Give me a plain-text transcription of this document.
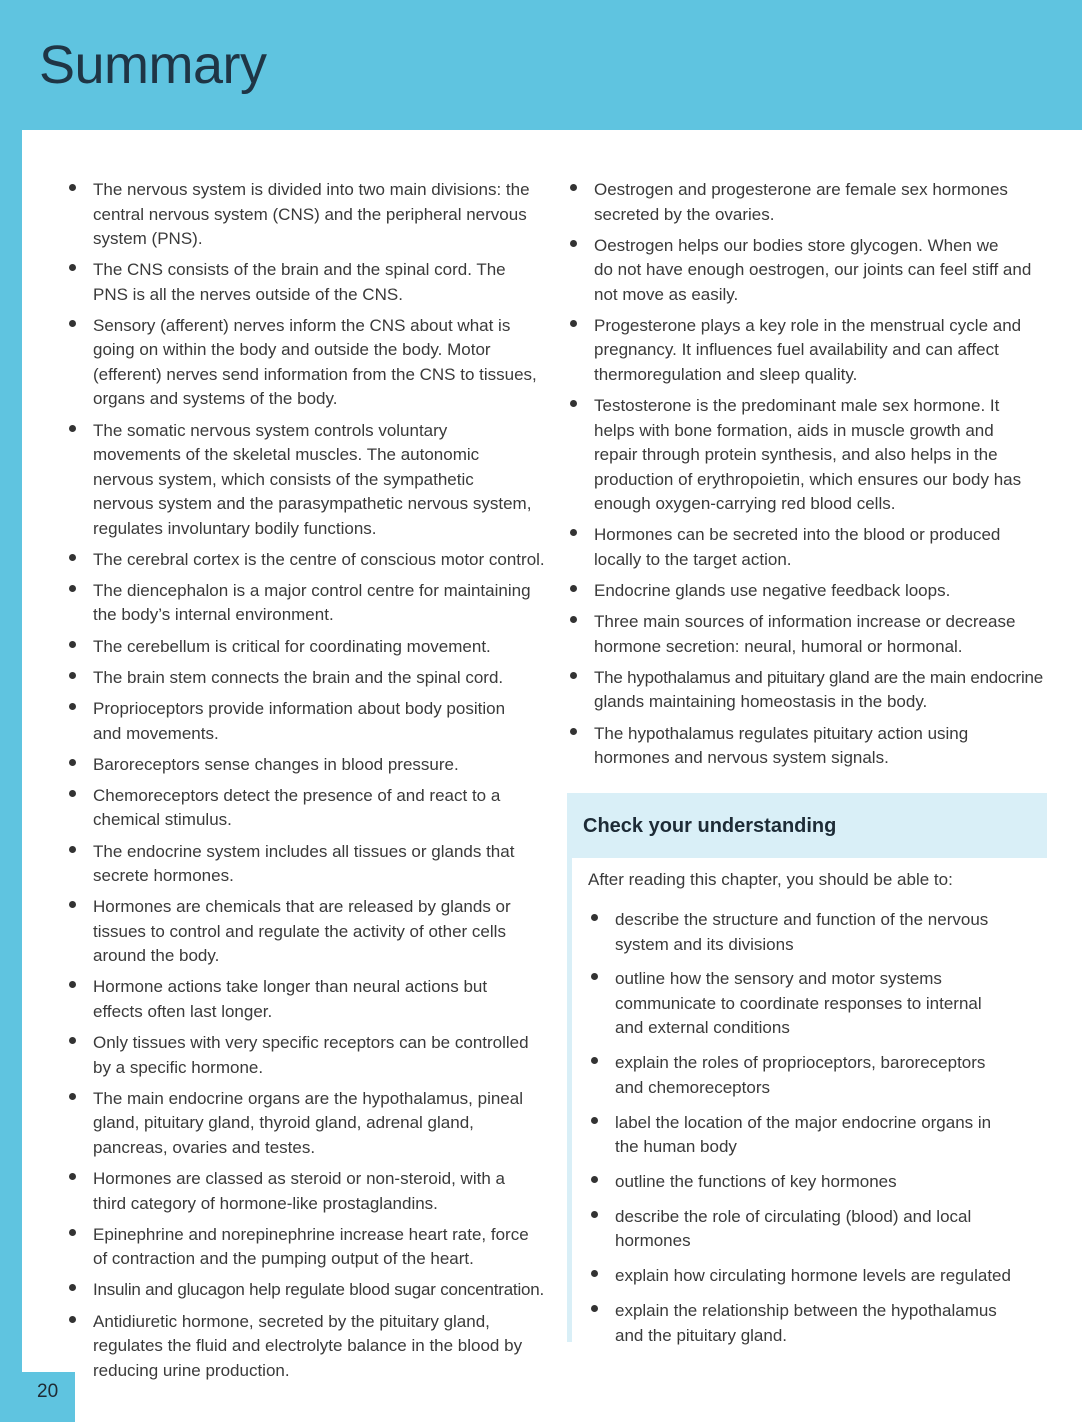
Summary
The nervous system is divided into two main divisions: the
central nervous system (CNS) and the peripheral nervous
system (PNS).
The CNS consists of the brain and the spinal cord. The
PNS is all the nerves outside of the CNS.
Sensory (afferent) nerves inform the CNS about what is
going on within the body and outside the body. Motor
(efferent) nerves send information from the CNS to tissues,
organs and systems of the body.
The somatic nervous system controls voluntary
movements of the skeletal muscles. The autonomic
nervous system, which consists of the sympathetic
nervous system and the parasympathetic nervous system,
regulates involuntary bodily functions.
The cerebral cortex is the centre of conscious motor control.
The diencephalon is a major control centre for maintaining
the body’s internal environment.
The cerebellum is critical for coordinating movement.
The brain stem connects the brain and the spinal cord.
Proprioceptors provide information about body position
and movements.
Baroreceptors sense changes in blood pressure.
Chemoreceptors detect the presence of and react to a
chemical stimulus.
The endocrine system includes all tissues or glands that
secrete hormones.
Hormones are chemicals that are released by glands or
tissues to control and regulate the activity of other cells
around the body.
Hormone actions take longer than neural actions but
effects often last longer.
Only tissues with very specific receptors can be controlled
by a specific hormone.
The main endocrine organs are the hypothalamus, pineal
gland, pituitary gland, thyroid gland, adrenal gland,
pancreas, ovaries and testes.
Hormones are classed as steroid or non-steroid, with a
third category of hormone-like prostaglandins.
Epinephrine and norepinephrine increase heart rate, force
of contraction and the pumping output of the heart.
Insulin and glucagon help regulate blood sugar concentration.
Antidiuretic hormone, secreted by the pituitary gland,
regulates the fluid and electrolyte balance in the blood by
reducing urine production.
Oestrogen and progesterone are female sex hormones
secreted by the ovaries.
Oestrogen helps our bodies store glycogen. When we
do not have enough oestrogen, our joints can feel stiff and
not move as easily.
Progesterone plays a key role in the menstrual cycle and
pregnancy. It influences fuel availability and can affect
thermoregulation and sleep quality.
Testosterone is the predominant male sex hormone. It
helps with bone formation, aids in muscle growth and
repair through protein synthesis, and also helps in the
production of erythropoietin, which ensures our body has
enough oxygen-carrying red blood cells.
Hormones can be secreted into the blood or produced
locally to the target action.
Endocrine glands use negative feedback loops.
Three main sources of information increase or decrease
hormone secretion: neural, humoral or hormonal.
The hypothalamus and pituitary gland are the main endocrine
glands maintaining homeostasis in the body.
The hypothalamus regulates pituitary action using
hormones and nervous system signals.
Check your understanding

After reading this chapter, you should be able to:

describe the structure and function of the nervous
system and its divisions
outline how the sensory and motor systems
communicate to coordinate responses to internal
and external conditions
explain the roles of proprioceptors, baroreceptors
and chemoreceptors
label the location of the major endocrine organs in
the human body
outline the functions of key hormones
describe the role of circulating (blood) and local
hormones
explain how circulating hormone levels are regulated
explain the relationship between the hypothalamus
and the pituitary gland.
20
